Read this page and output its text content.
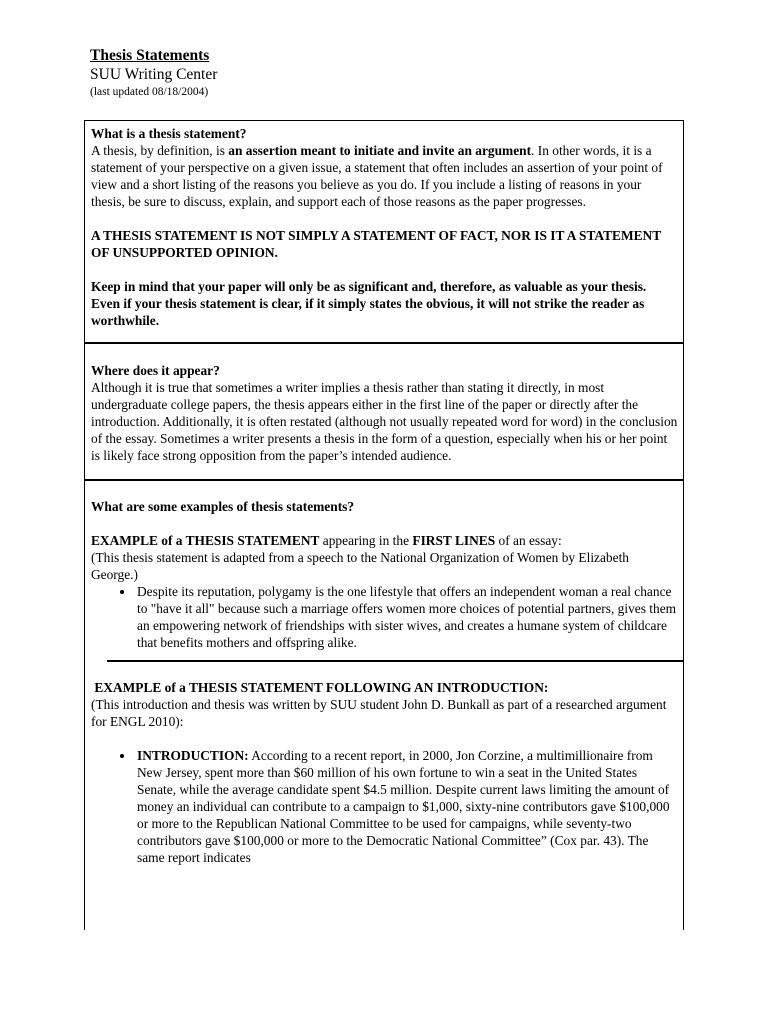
Thesis Statements
SUU Writing Center
(last updated 08/18/2004)

What is a thesis statement?

A thesis, by definition, is an assertion meant to initiate and invite an argument. In other words, it is a statement of your perspective on a given issue, a statement that often includes an assertion of your point of view and a short listing of the reasons you believe as you do. If you include a listing of reasons in your thesis, be sure to discuss, explain, and support each of those reasons as the paper progresses.

A THESIS STATEMENT IS NOT SIMPLY A STATEMENT OF FACT, NOR IS IT A STATEMENT OF UNSUPPORTED OPINION.

Keep in mind that your paper will only be as significant and, therefore, as valuable as your thesis. Even if your thesis statement is clear, if it simply states the obvious, it will not strike the reader as worthwhile.

Where does it appear?

Although it is true that sometimes a writer implies a thesis rather than stating it directly, in most undergraduate college papers, the thesis appears either in the first line of the paper or directly after the introduction. Additionally, it is often restated (although not usually repeated word for word) in the conclusion of the essay. Sometimes a writer presents a thesis in the form of a question, especially when his or her point is likely face strong opposition from the paper’s intended audience.

What are some examples of thesis statements?

EXAMPLE of a THESIS STATEMENT appearing in the FIRST LINES of an essay:

(This thesis statement is adapted from a speech to the National Organization of Women by Elizabeth George.)

• Despite its reputation, polygamy is the one lifestyle that offers an independent woman a real chance to "have it all" because such a marriage offers women more choices of potential partners, gives them an empowering network of friendships with sister wives, and creates a humane system of childcare that benefits mothers and offspring alike.

EXAMPLE of a THESIS STATEMENT FOLLOWING AN INTRODUCTION:

(This introduction and thesis was written by SUU student John D. Bunkall as part of a researched argument for ENGL 2010):

• INTRODUCTION: According to a recent report, in 2000, Jon Corzine, a multimillionaire from New Jersey, spent more than $60 million of his own fortune to win a seat in the United States Senate, while the average candidate spent $4.5 million. Despite current laws limiting the amount of money an individual can contribute to a campaign to $1,000, sixty-nine contributors gave $100,000 or more to the Republican National Committee to be used for campaigns, while seventy-two contributors gave $100,000 or more to the Democratic National Committee” (Cox par. 43). The same report indicates
